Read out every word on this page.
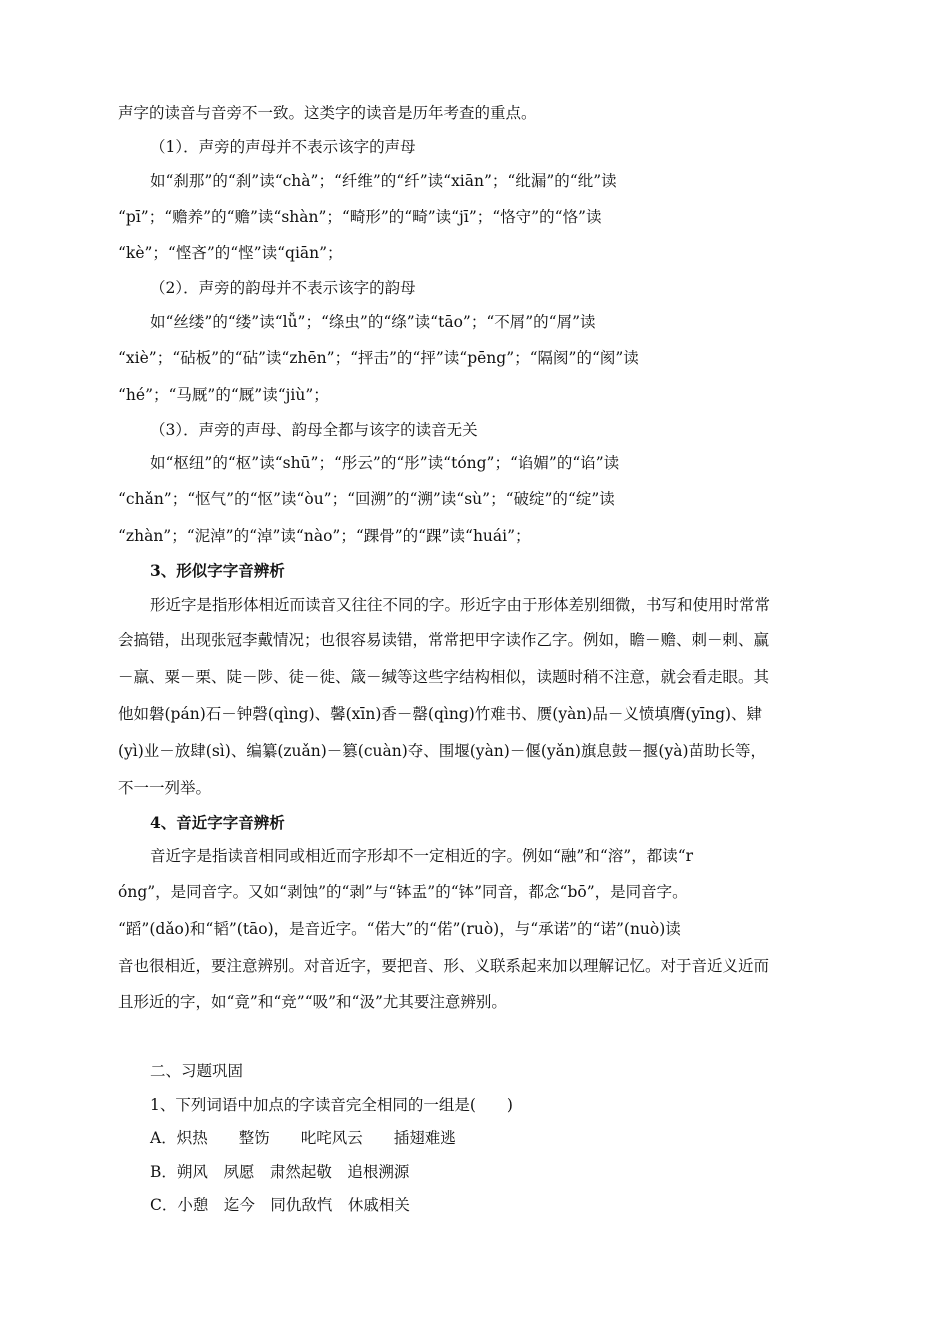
声字的读音与音旁不一致。这类字的读音是历年考查的重点。
（1）．声旁的声母并不表示该字的声母
如“刹那”的“刹”读“chà”；“纤维”的“纤”读“xiān”；“纰漏”的“纰”读
“pī”；“赡养”的“赡”读“shàn”；“畸形”的“畸”读“jī”；“恪守”的“恪”读
“kè”；“悭吝”的“悭”读“qiān”；
（2）．声旁的韵母并不表示该字的韵母
如“丝缕”的“缕”读“lǚ”；“绦虫”的“绦”读“tāo”；“不屑”的“屑”读
“xiè”；“砧板”的“砧”读“zhēn”；“抨击”的“抨”读“pēng”；“隔阂”的“阂”读
“hé”；“马厩”的“厩”读“jiù”；
（3）．声旁的声母、韵母全都与该字的读音无关
如“枢纽”的“枢”读“shū”；“彤云”的“彤”读“tóng”；“谄媚”的“谄”读
“chǎn”；“怄气”的“怄”读“òu”；“回溯”的“溯”读“sù”；“破绽”的“绽”读
“zhàn”；“泥淖”的“淖”读“nào”；“踝骨”的“踝”读“huái”；
3、形似字字音辨析
形近字是指形体相近而读音又往往不同的字。形近字由于形体差别细微，书写和使用时常常
会搞错，出现张冠李戴情况；也很容易读错，常常把甲字读作乙字。例如，瞻－赡、刺－剌、赢
－羸、粟－栗、陡－陟、徒－徙、箴－缄等这些字结构相似，读题时稍不注意，就会看走眼。其
他如磐(pán)石－钟磬(qìng)、馨(xīn)香－罄(qìng)竹难书、赝(yàn)品－义愤填膺(yīng)、肄
(yì)业－放肆(sì)、编纂(zuǎn)－篡(cuàn)夺、围堰(yàn)－偃(yǎn)旗息鼓－揠(yà)苗助长等，
不一一列举。
4、音近字字音辨析
音近字是指读音相同或相近而字形却不一定相近的字。例如“融”和“溶”，都读“r
óng”，是同音字。又如“剥蚀”的“剥”与“钵盂”的“钵”同音，都念“bō”，是同音字。
“蹈”(dǎo)和“韬”(tāo)，是音近字。“偌大”的“偌”(ruò)，与“承诺”的“诺”(nuò)读
音也很相近，要注意辨别。对音近字，要把音、形、义联系起来加以理解记忆。对于音近义近而
且形近的字，如“竟”和“竞”“吸”和“汲”尤其要注意辨别。
二、习题巩固
1、下列词语中加点的字读音完全相同的一组是(　　)
A．炽热　　整饬　　叱咤风云　　插翅难逃
B．朔风　夙愿　肃然起敬　追根溯源
C．小憩　迄今　同仇敌忾　休戚相关
